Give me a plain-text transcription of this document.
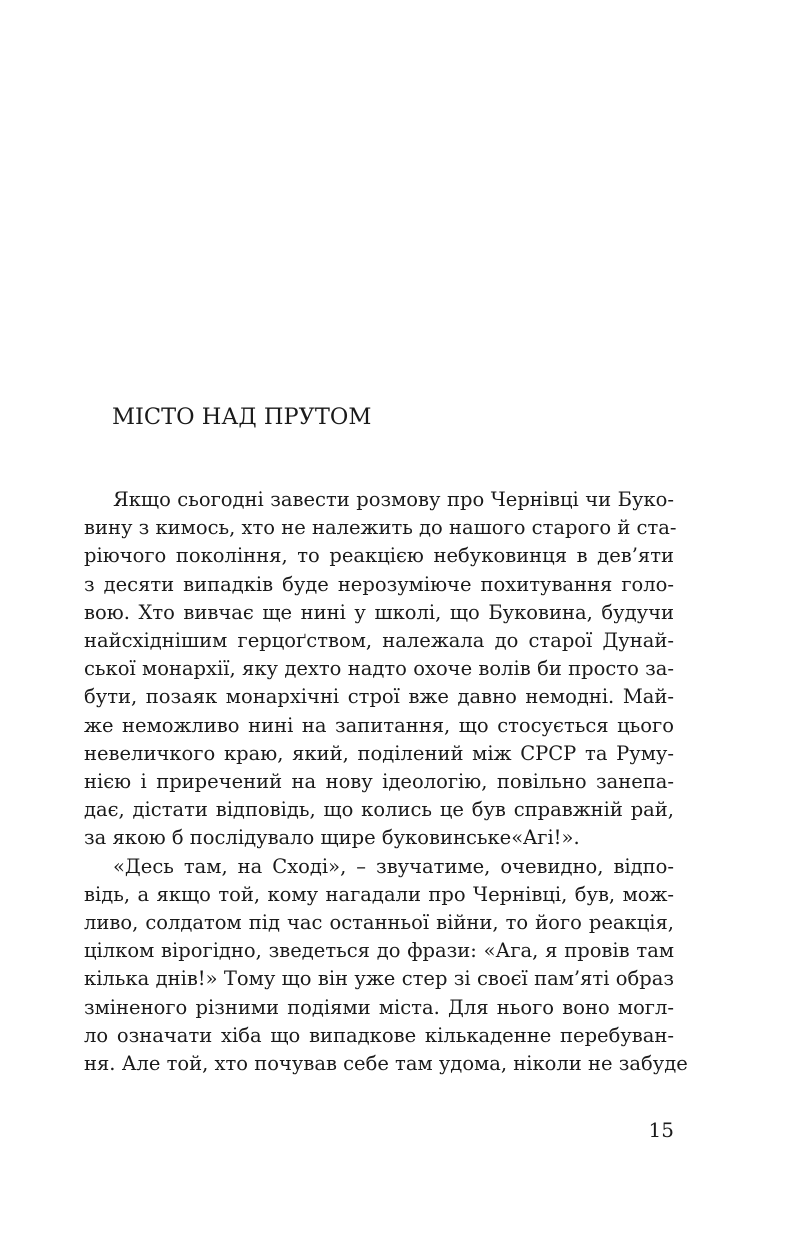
МІСТО НАД ПРУТОМ

Якщо сьогодні завести розмову про Чернівці чи Буко-
вину з кимось, хто не належить до нашого старого й ста-
ріючого покоління, то реакцією небуковинця в дев’яти
з десяти випадків буде нерозуміюче похитування голо-
вою. Хто вивчає ще нині у школі, що Буковина, будучи
найсхіднішим герцоґством, належала до старої Дунай-
ської монархії, яку дехто надто охоче волів би просто за-
бути, позаяк монархічні строї вже давно немодні. Май-
же неможливо нині на запитання, що стосується цього
невеличкого краю, який, поділений між СРСР та Руму-
нією і приречений на нову ідеологію, повільно занепа-
дає, дістати відповідь, що колись це був справжній рай,
за якою б послідувало щире буковинське«Aгі!».

«Десь там, на Сході», – звучатиме, очевидно, відпо-
відь, а якщо той, кому нагадали про Чернівці, був, мож-
ливо, солдатом під час останньої війни, то його реакція,
цілком вірогідно, зведеться до фрази: «Ага, я провів там
кілька днів!» Тому що він уже стер зі своєї пам’яті образ
зміненого різними подіями міста. Для нього воно могл-
ло означати хіба що випадкове кількаденне перебуван-
ня. Але той, хто почував себе там удома, ніколи не забуде

15
